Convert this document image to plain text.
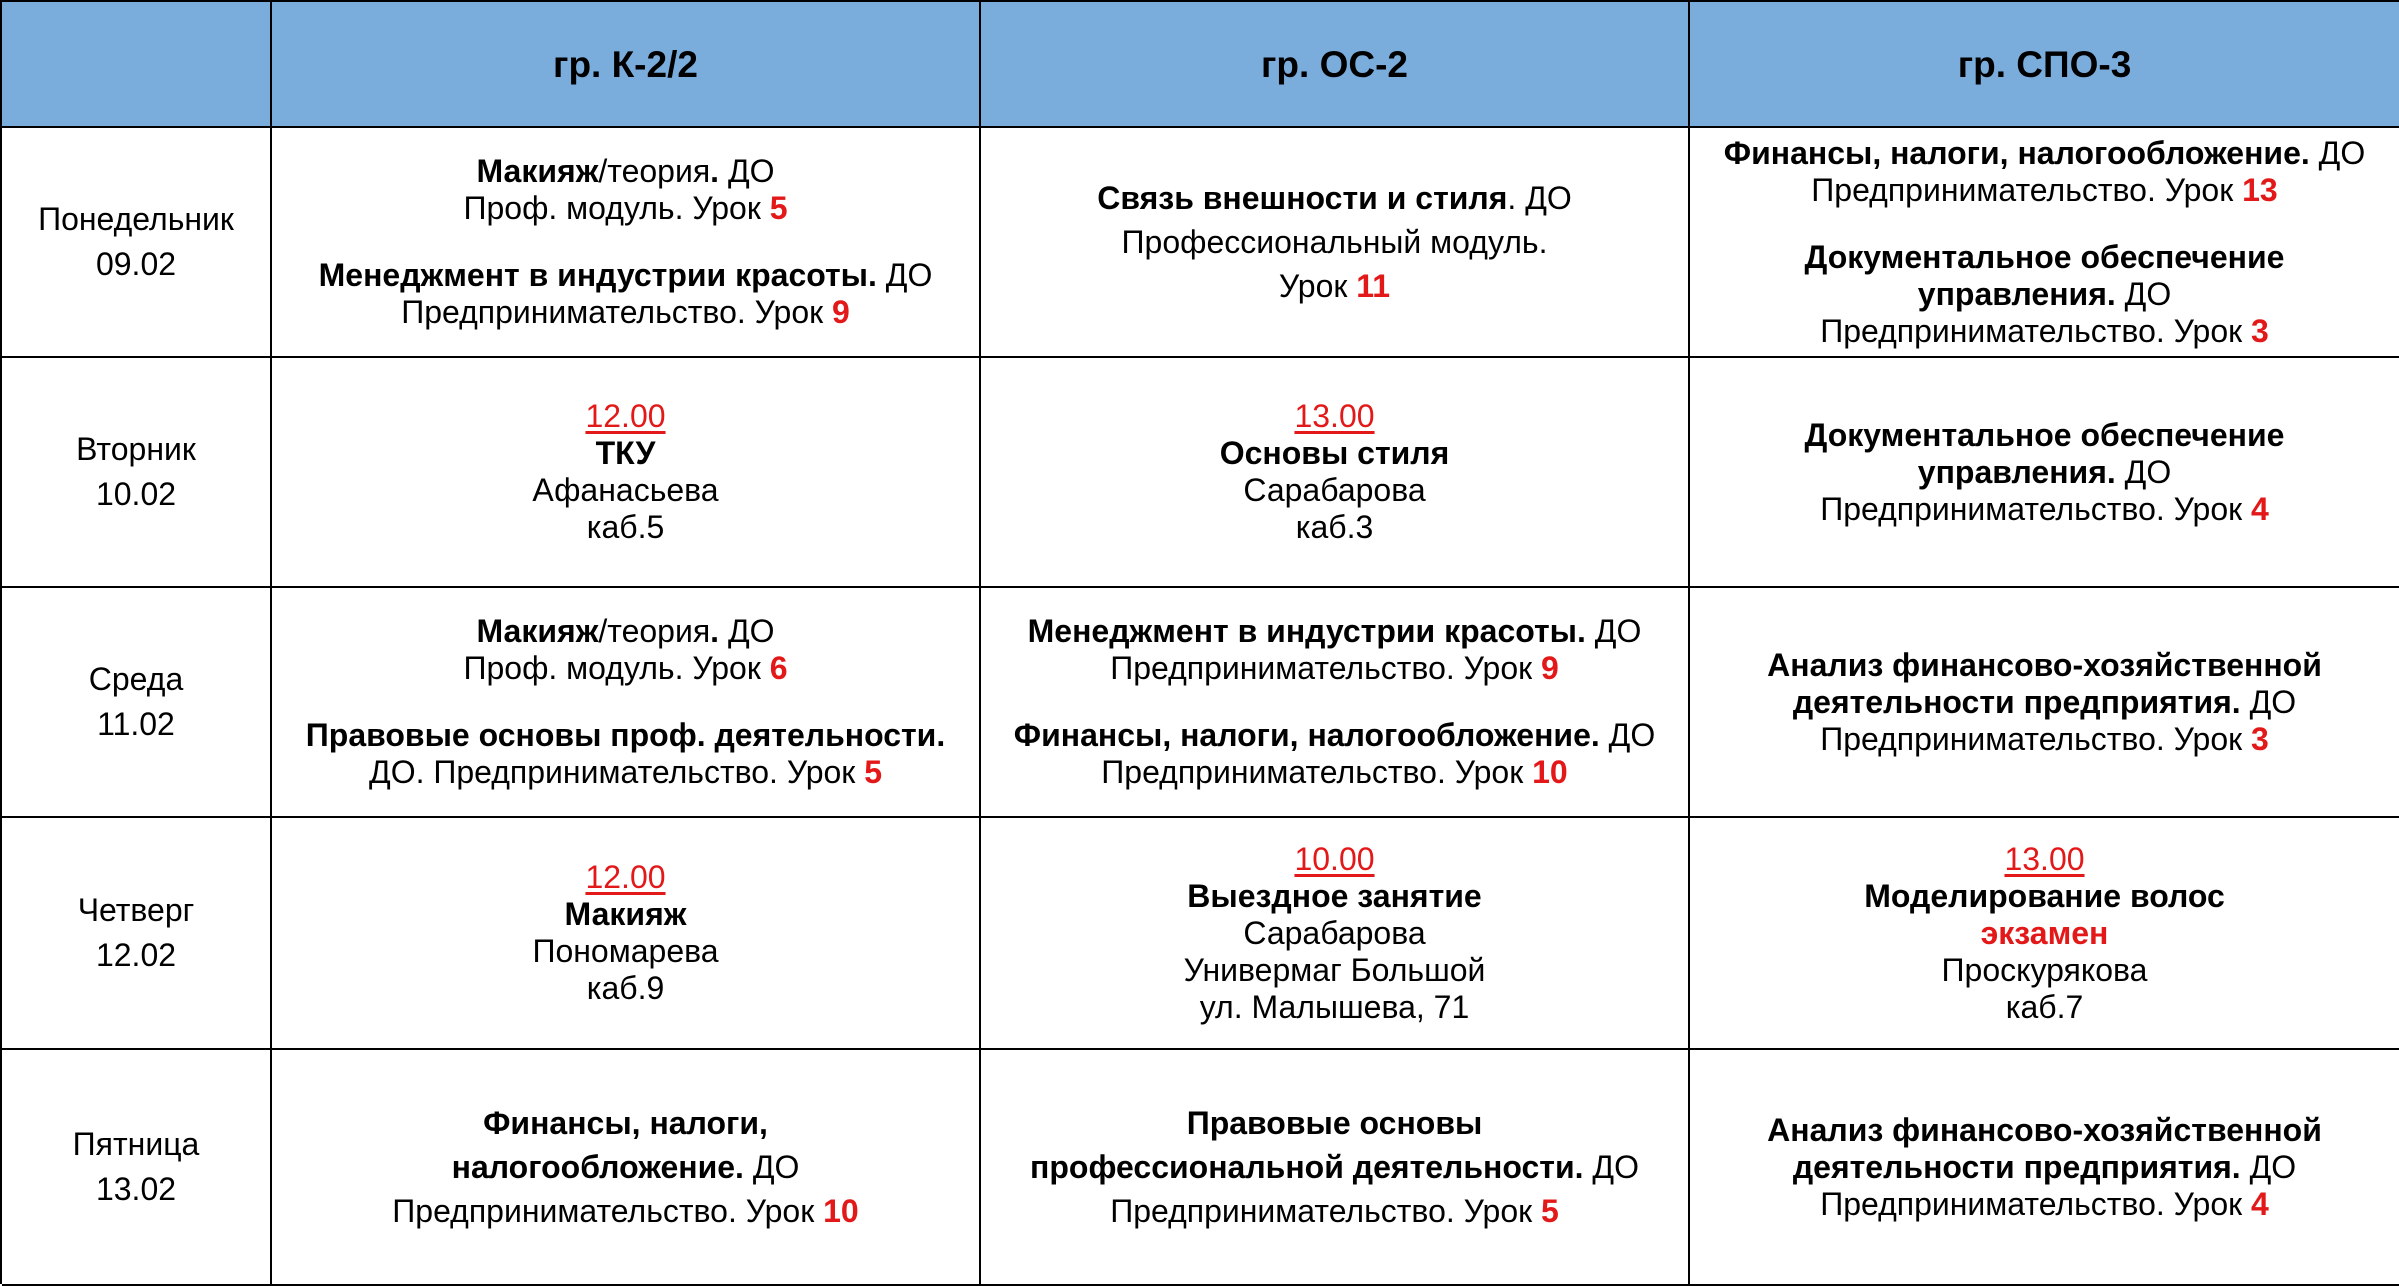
гр. К-2/2	гр. ОС-2	гр. СПО-3
Понедельник
09.02
Макияж/теория. ДО
Проф. модуль. Урок 5
Менеджмент в индустрии красоты. ДО
Предпринимательство. Урок 9
Связь внешности и стиля. ДО
Профессиональный модуль.
Урок 11
Финансы, налоги, налогообложение. ДО
Предпринимательство. Урок 13
Документальное обеспечение
управления. ДО
Предпринимательство. Урок 3
Вторник
10.02
12.00
ТКУ
Афанасьева
каб.5
13.00
Основы стиля
Сарабарова
каб.3
Документальное обеспечение
управления. ДО
Предпринимательство. Урок 4
Среда
11.02
Макияж/теория. ДО
Проф. модуль. Урок 6
Правовые основы проф. деятельности.
ДО. Предпринимательство. Урок 5
Менеджмент в индустрии красоты. ДО
Предпринимательство. Урок 9
Финансы, налоги, налогообложение. ДО
Предпринимательство. Урок 10
Анализ финансово-хозяйственной
деятельности предприятия. ДО
Предпринимательство. Урок 3
Четверг
12.02
12.00
Макияж
Пономарева
каб.9
10.00
Выездное занятие
Сарабарова
Универмаг Большой
ул. Малышева, 71
13.00
Моделирование волос
экзамен
Проскурякова
каб.7
Пятница
13.02
Финансы, налоги,
налогообложение. ДО
Предпринимательство. Урок 10
Правовые основы
профессиональной деятельности. ДО
Предпринимательство. Урок 5
Анализ финансово-хозяйственной
деятельности предприятия. ДО
Предпринимательство. Урок 4
